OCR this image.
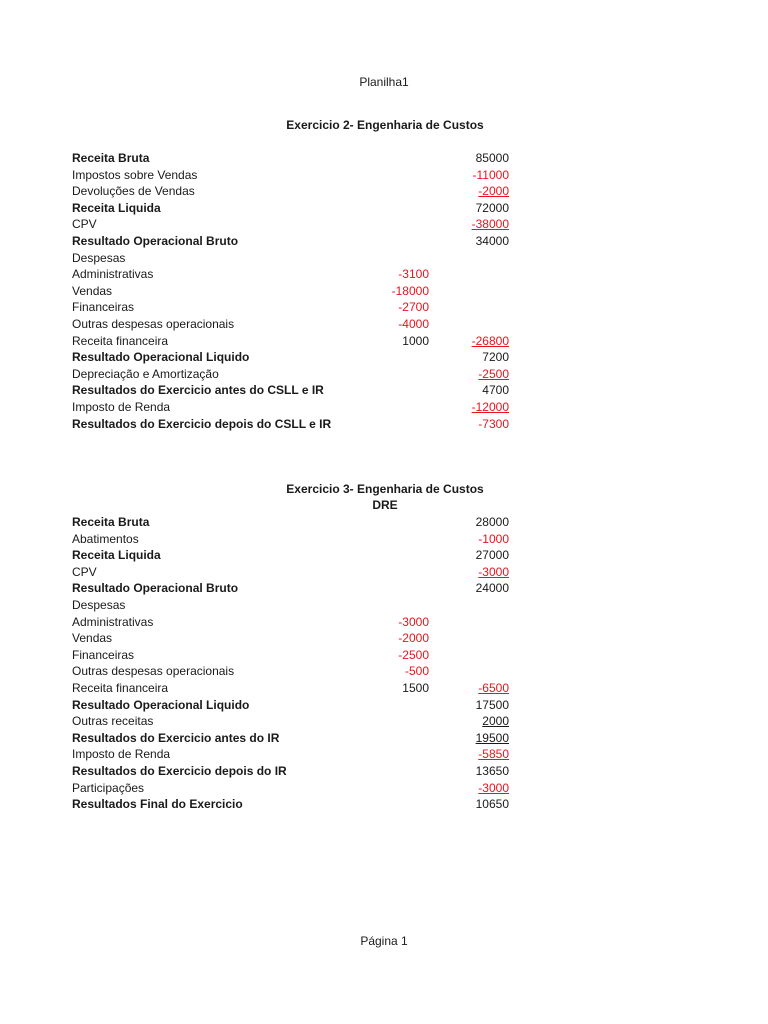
Planilha1
Exercicio 2- Engenharia de Custos
Receita Bruta	85000
Impostos sobre Vendas	-11000
Devoluções de Vendas	-2000
Receita Liquida	72000
CPV	-38000
Resultado Operacional Bruto	34000
Despesas
Administrativas	-3100
Vendas	-18000
Financeiras	-2700
Outras despesas operacionais	-4000
Receita financeira	1000	-26800
Resultado Operacional Liquido	7200
Depreciação e Amortização	-2500
Resultados do Exercicio antes do CSLL e IR	4700
Imposto de Renda	-12000
Resultados do Exercicio depois do CSLL e IR	-7300
Exercicio 3- Engenharia de Custos
DRE
Receita Bruta	28000
Abatimentos	-1000
Receita Liquida	27000
CPV	-3000
Resultado Operacional Bruto	24000
Despesas
Administrativas	-3000
Vendas	-2000
Financeiras	-2500
Outras despesas operacionais	-500
Receita financeira	1500	-6500
Resultado Operacional Liquido	17500
Outras receitas	2000
Resultados do Exercicio antes do IR	19500
Imposto de Renda	-5850
Resultados do Exercicio depois do IR	13650
Participações	-3000
Resultados Final do Exercicio	10650
Página 1
